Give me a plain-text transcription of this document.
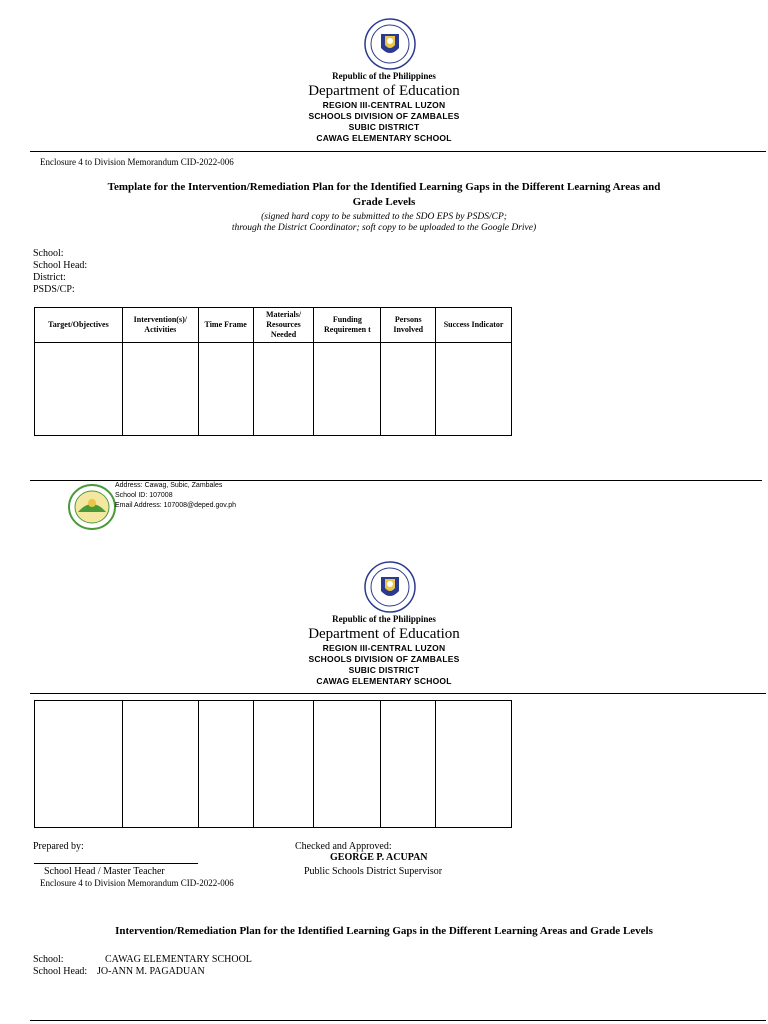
Republic of the Philippines
Department of Education
REGION III-CENTRAL LUZON
SCHOOLS DIVISION OF ZAMBALES
SUBIC DISTRICT
CAWAG ELEMENTARY SCHOOL
Enclosure 4 to Division Memorandum CID-2022-006
Template for the Intervention/Remediation Plan for the Identified Learning Gaps in the Different Learning Areas and
Grade Levels
(signed hard copy to be submitted to the SDO EPS by PSDS/CP;
through the District Coordinator; soft copy to be uploaded to the Google Drive)
School:
School Head:
District:
PSDS/CP:
Target/Objectives	Intervention(s)/ Activities	Time Frame	Materials/ Resources Needed	Funding Requiremen t	Persons Involved	Success Indicator

Address: Cawag, Subic, Zambales
School ID: 107008
Email Address: 107008@deped.gov.ph
Republic of the Philippines
Department of Education
REGION III-CENTRAL LUZON
SCHOOLS DIVISION OF ZAMBALES
SUBIC DISTRICT
CAWAG ELEMENTARY SCHOOL

Prepared by:	Checked and Approved:
GEORGE P. ACUPAN
School Head / Master Teacher	Public Schools District Supervisor
Enclosure 4 to Division Memorandum CID-2022-006
Intervention/Remediation Plan for the Identified Learning Gaps in the Different Learning Areas and Grade Levels
School:	CAWAG ELEMENTARY SCHOOL
School Head: JO-ANN M. PAGADUAN
